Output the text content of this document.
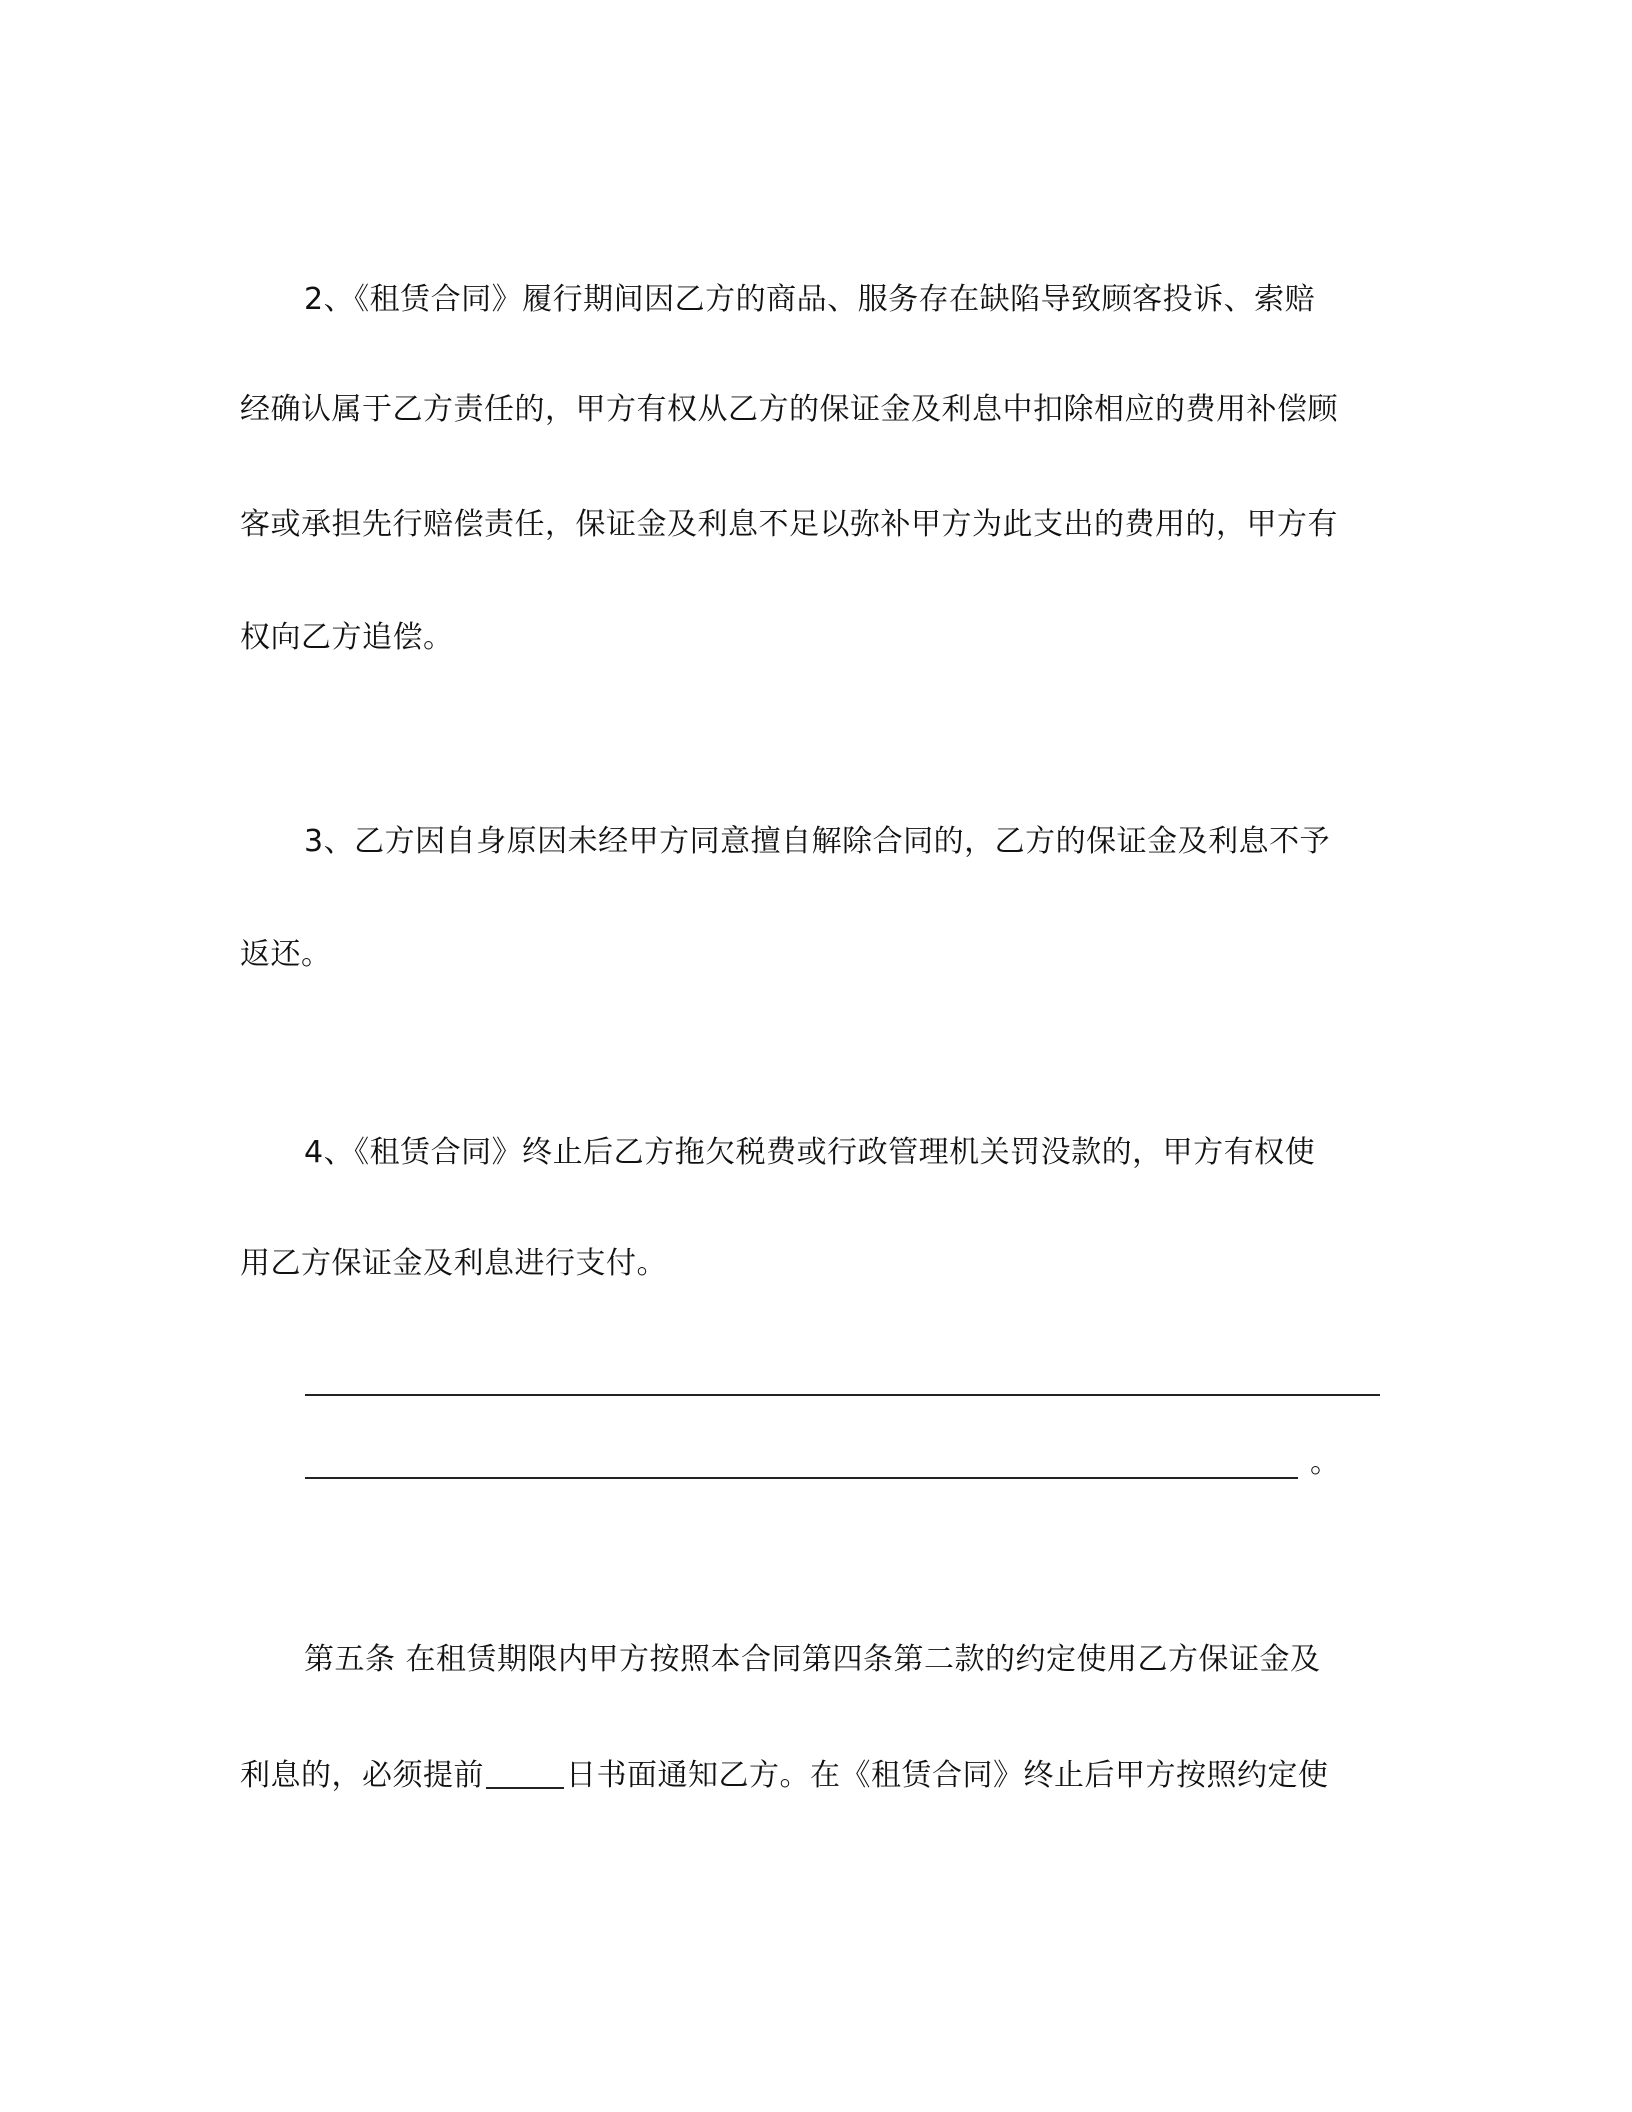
2、《租赁合同》履行期间因乙方的商品、服务存在缺陷导致顾客投诉、索赔
经确认属于乙方责任的，甲方有权从乙方的保证金及利息中扣除相应的费用补偿顾
客或承担先行赔偿责任，保证金及利息不足以弥补甲方为此支出的费用的，甲方有
权向乙方追偿。
3、乙方因自身原因未经甲方同意擅自解除合同的，乙方的保证金及利息不予
返还。
4、《租赁合同》终止后乙方拖欠税费或行政管理机关罚没款的，甲方有权使
用乙方保证金及利息进行支付。
。
第五条 在租赁期限内甲方按照本合同第四条第二款的约定使用乙方保证金及
利息的，必须提前	日书面通知乙方。在《租赁合同》终止后甲方按照约定使
